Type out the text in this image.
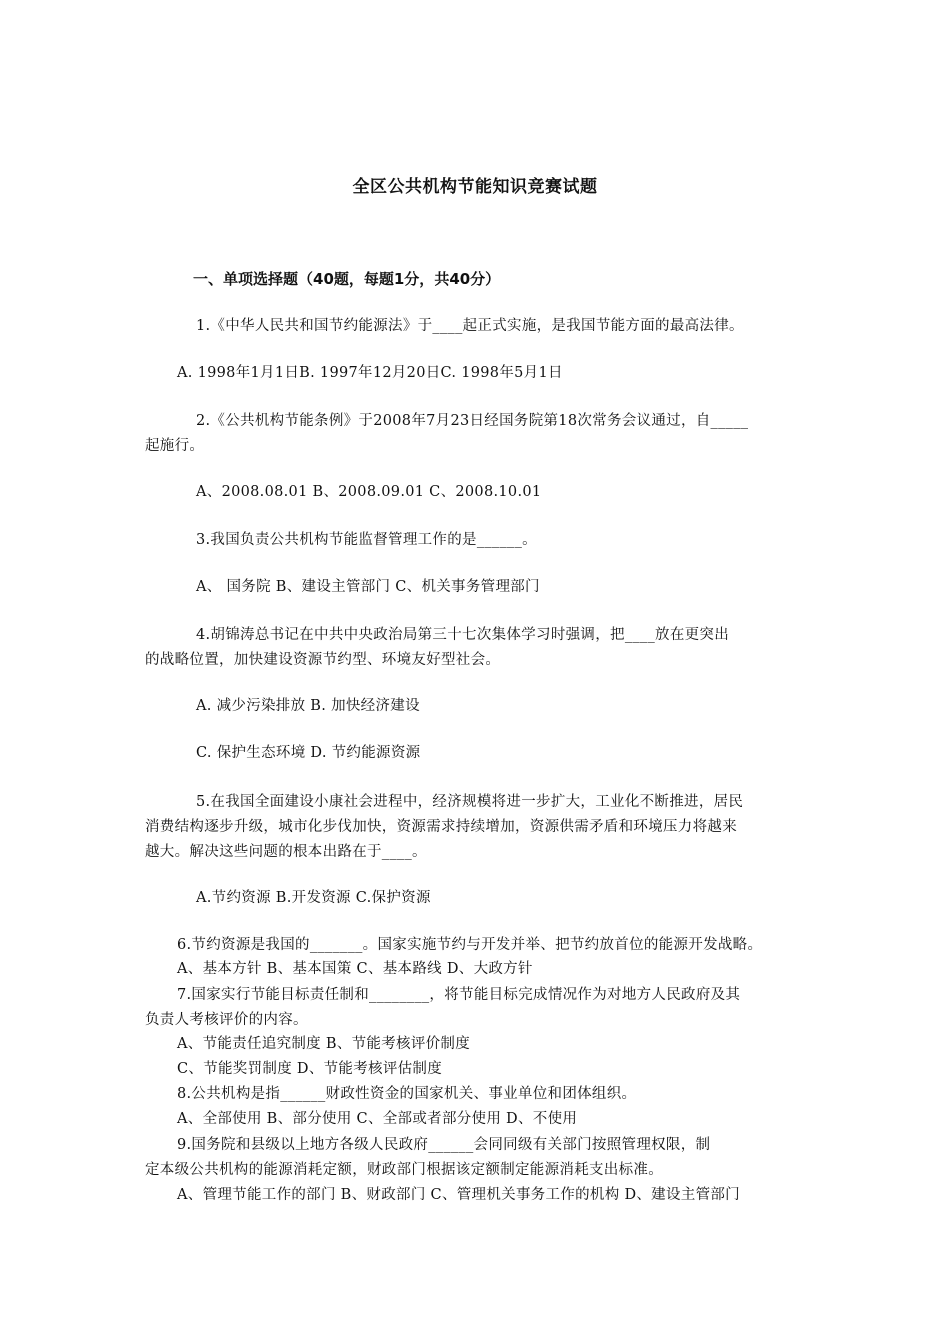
全区公共机构节能知识竞赛试题
一、单项选择题（40题，每题1分，共40分）
1.《中华人民共和国节约能源法》于____起正式实施，是我国节能方面的最高法律。
A. 1998年1月1日B. 1997年12月20日C. 1998年5月1日
2.《公共机构节能条例》于2008年7月23日经国务院第18次常务会议通过，自_____
起施行。
A、2008.08.01 B、2008.09.01 C、2008.10.01
3.我国负责公共机构节能监督管理工作的是______。
A、 国务院 B、建设主管部门 C、机关事务管理部门
4.胡锦涛总书记在中共中央政治局第三十七次集体学习时强调，把____放在更突出
的战略位置，加快建设资源节约型、环境友好型社会。
A. 减少污染排放 B. 加快经济建设
C. 保护生态环境 D. 节约能源资源
5.在我国全面建设小康社会进程中，经济规模将进一步扩大，工业化不断推进，居民
消费结构逐步升级，城市化步伐加快，资源需求持续增加，资源供需矛盾和环境压力将越来
越大。解决这些问题的根本出路在于____。
A.节约资源 B.开发资源 C.保护资源
6.节约资源是我国的_______。国家实施节约与开发并举、把节约放首位的能源开发战略。
A、基本方针 B、基本国策 C、基本路线 D、大政方针
7.国家实行节能目标责任制和________，将节能目标完成情况作为对地方人民政府及其
负责人考核评价的内容。
A、节能责任追究制度 B、节能考核评价制度
C、节能奖罚制度 D、节能考核评估制度
8.公共机构是指______财政性资金的国家机关、事业单位和团体组织。
A、全部使用 B、部分使用 C、全部或者部分使用 D、不使用
9.国务院和县级以上地方各级人民政府______会同同级有关部门按照管理权限，制
定本级公共机构的能源消耗定额，财政部门根据该定额制定能源消耗支出标准。
A、管理节能工作的部门 B、财政部门 C、管理机关事务工作的机构 D、建设主管部门
